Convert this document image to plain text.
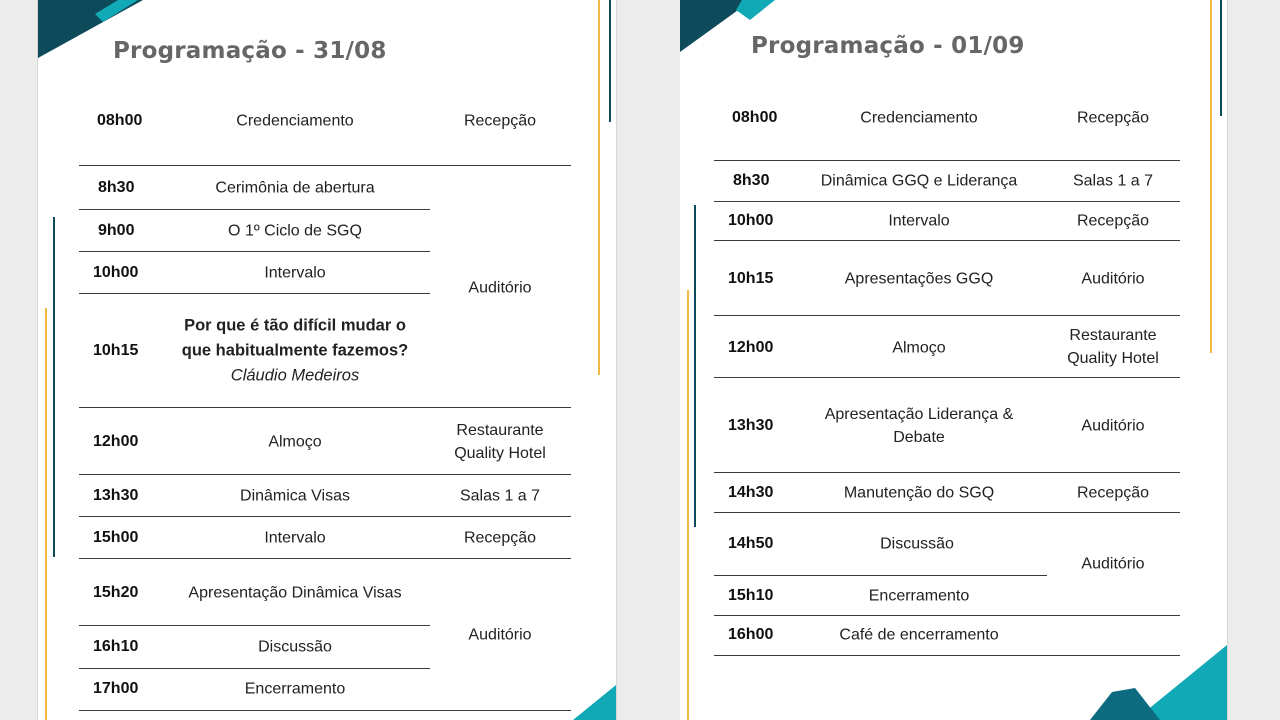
Programação - 31/08
08h00
8h30
9h00
10h00
10h15
12h00
13h30
15h00
15h20
16h10
17h00
Credenciamento
Cerimônia de abertura
O 1º Ciclo de SGQ
Intervalo
Por que é tão difícil mudar o
que habitualmente fazemos?
Cláudio Medeiros
Almoço
Dinâmica Visas
Intervalo
Apresentação Dinâmica Visas
Discussão
Encerramento
Recepção
Auditório
Restaurante
Quality Hotel
Salas 1 a 7
Recepção
Auditório
Programação - 01/09
08h00
8h30
10h00
10h15
12h00
13h30
14h30
14h50
15h10
16h00
Credenciamento
Dinâmica GGQ e Liderança
Intervalo
Apresentações GGQ
Almoço
Apresentação Liderança &
Debate
Manutenção do SGQ
Discussão
Encerramento
Café de encerramento
Recepção
Salas 1 a 7
Recepção
Auditório
Restaurante
Quality Hotel
Auditório
Recepção
Auditório
